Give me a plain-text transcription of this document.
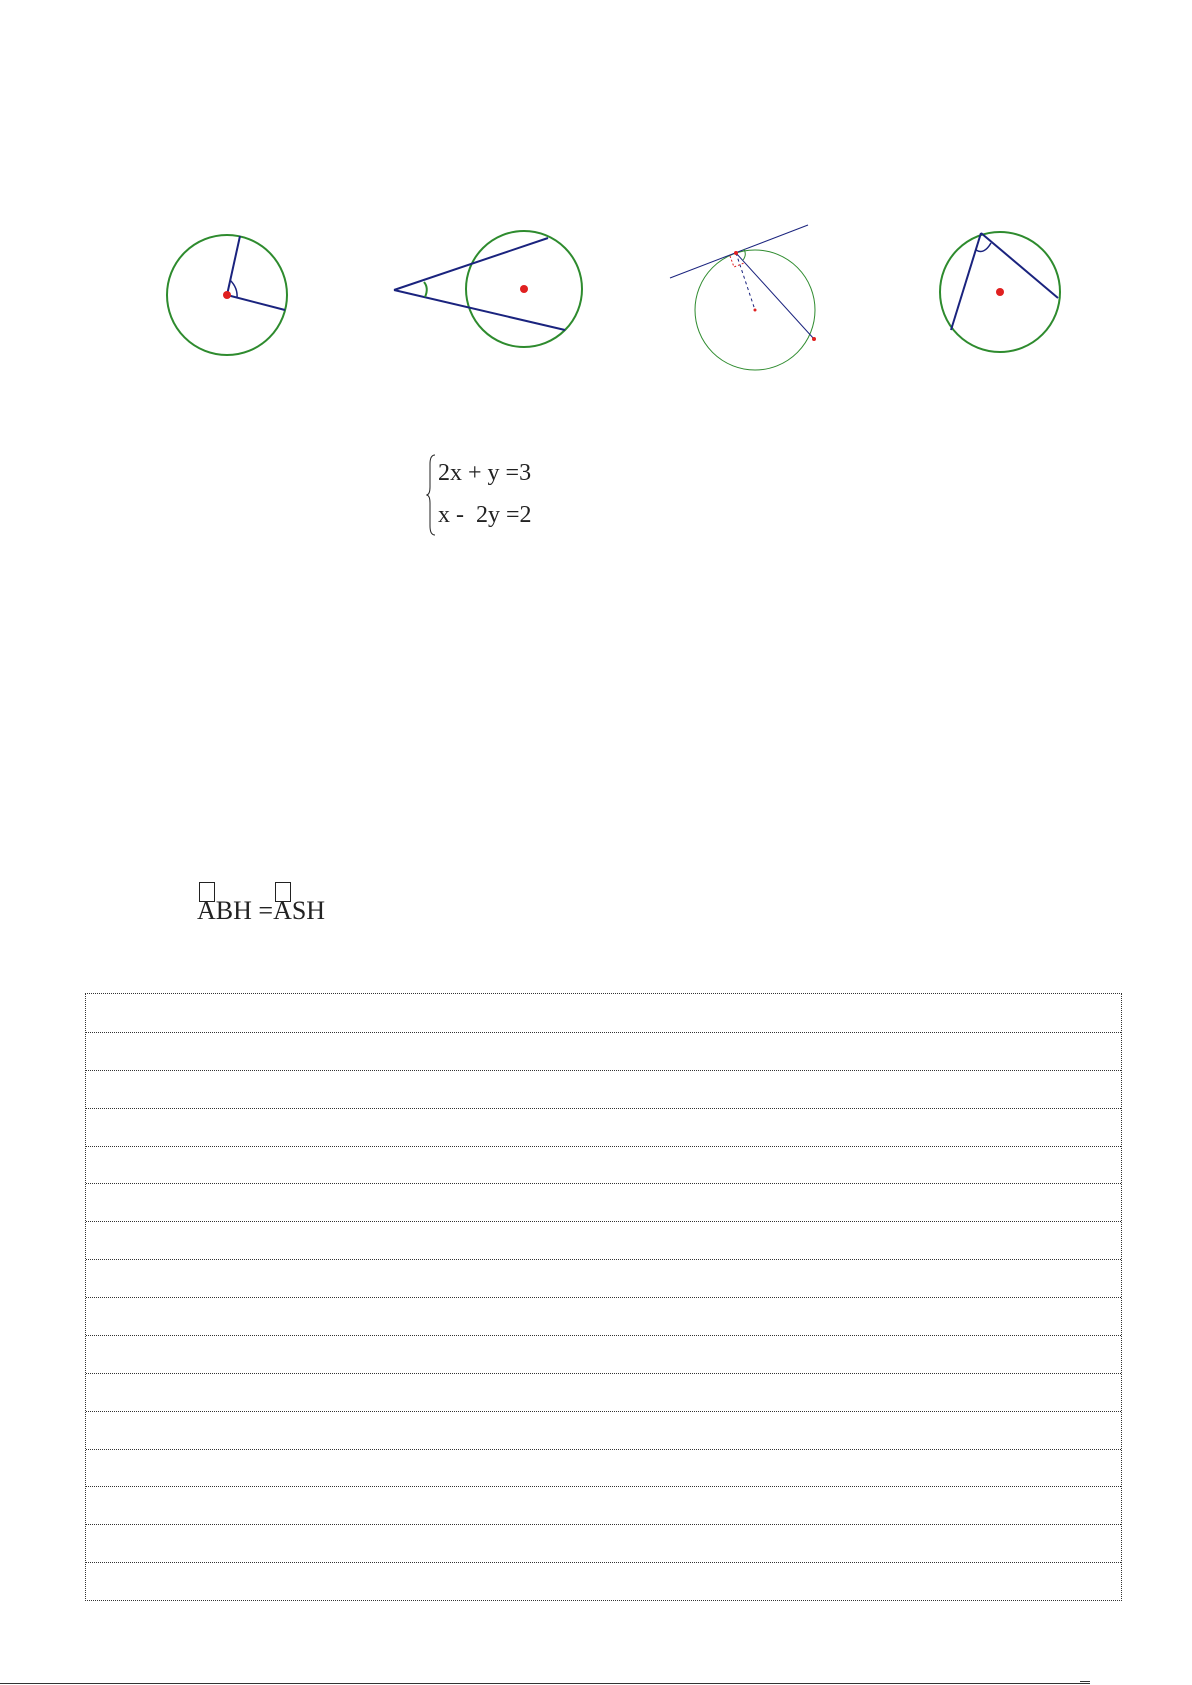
2x + y =3
x -  2y =2
ABH =ASH
